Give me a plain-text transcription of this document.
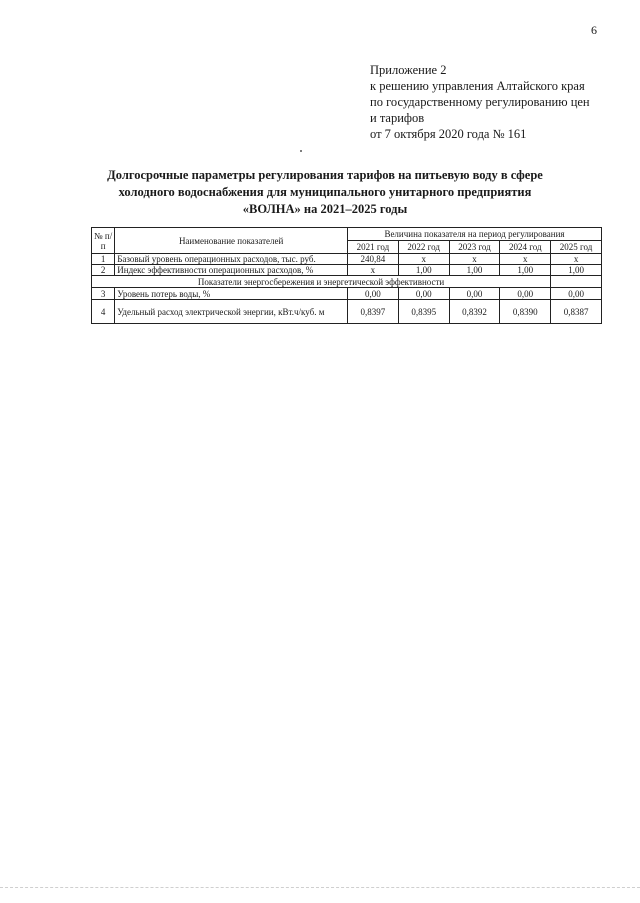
6
Приложение 2
к решению управления Алтайского края
по государственному регулированию цен
и тарифов
от 7 октября 2020 года № 161
Долгосрочные параметры регулирования тарифов на питьевую воду в сфере
холодного водоснабжения для муниципального унитарного предприятия
«ВОЛНА» на 2021–2025 годы
№ п/п	Наименование показателей	Величина показателя на период регулирования				
		2021 год	2022 год	2023 год	2024 год	2025 год
1	Базовый уровень операционных расходов, тыс. руб.	240,84	х	х	х	х
2	Индекс эффективности операционных расходов, %	х	1,00	1,00	1,00	1,00
Показатели энергосбережения и энергетической эффективности						
3	Уровень потерь воды, %	0,00	0,00	0,00	0,00	0,00
4	Удельный расход электрической энергии, кВт.ч/куб. м	0,8397	0,8395	0,8392	0,8390	0,8387
